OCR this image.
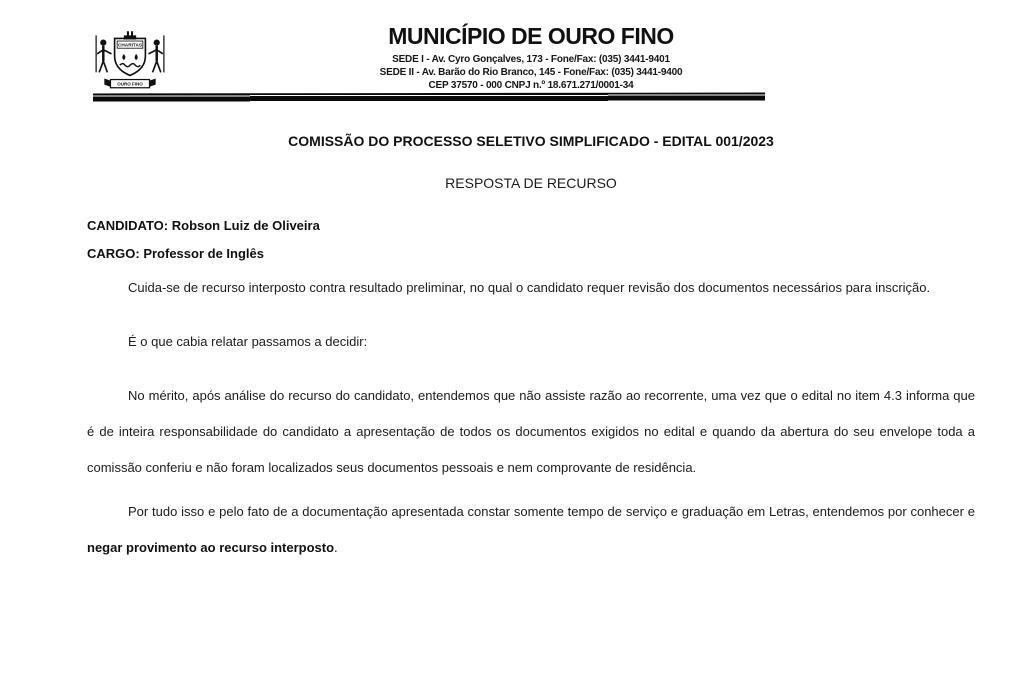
CHARITAS
OURO FINO
MUNICÍPIO DE OURO FINO
SEDE I - Av. Cyro Gonçalves, 173 - Fone/Fax: (035) 3441-9401
SEDE II - Av. Barão do Rio Branco, 145 - Fone/Fax: (035) 3441-9400
CEP 37570 - 000 CNPJ n.º 18.671.271/0001-34
COMISSÃO DO PROCESSO SELETIVO SIMPLIFICADO - EDITAL 001/2023
RESPOSTA DE RECURSO
CANDIDATO: Robson Luiz de Oliveira
CARGO: Professor de Inglês
Cuida-se de recurso interposto contra resultado preliminar, no qual o candidato requer revisão dos documentos necessários para inscrição.
É o que cabia relatar passamos a decidir:
No mérito, após análise do recurso do candidato, entendemos que não assiste razão ao recorrente, uma vez que o edital no item 4.3 informa que é de inteira responsabilidade do candidato a apresentação de todos os documentos exigidos no edital e quando da abertura do seu envelope toda a comissão conferiu e não foram localizados seus documentos pessoais e nem comprovante de residência.
Por tudo isso e pelo fato de a documentação apresentada constar somente tempo de serviço e graduação em Letras, entendemos por conhecer e negar provimento ao recurso interposto.
